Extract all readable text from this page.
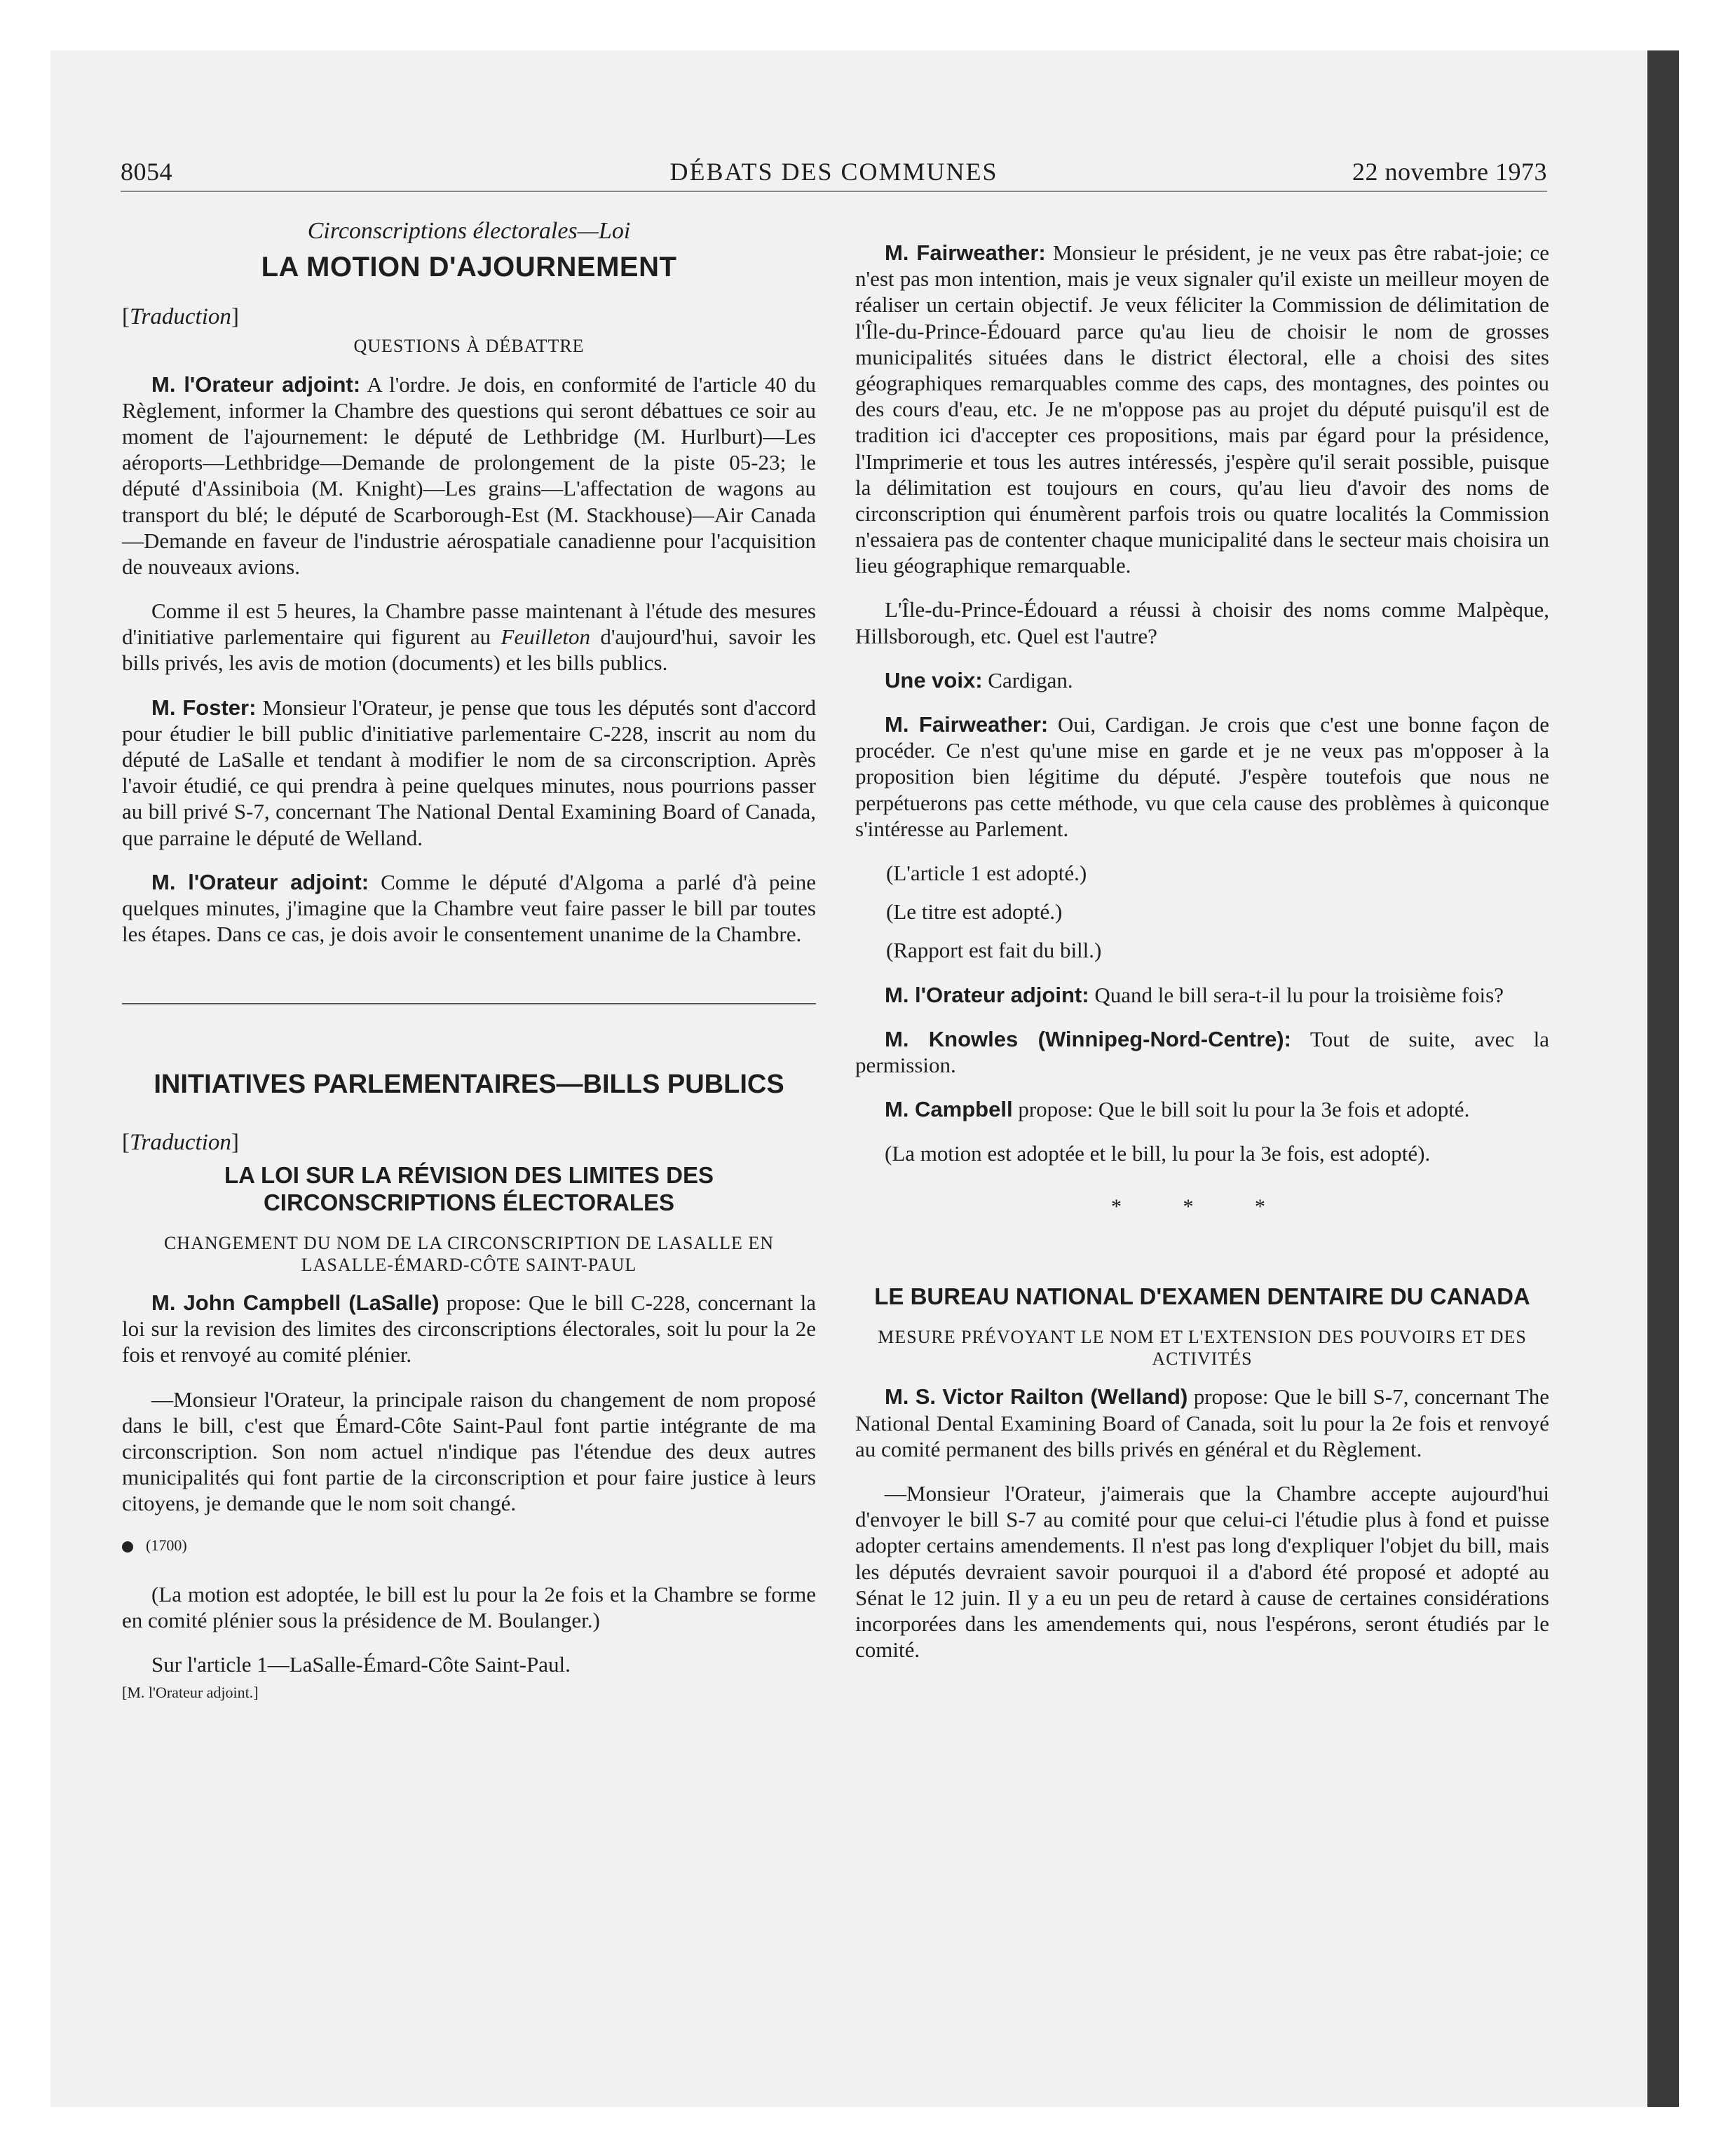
8054	DÉBATS DES COMMUNES	22 novembre 1973
Circonscriptions électorales—Loi
LA MOTION D'AJOURNEMENT
[Traduction]
QUESTIONS À DÉBATTRE
M. l'Orateur adjoint: A l'ordre. Je dois, en conformité de l'article 40 du Règlement, informer la Chambre des questions qui seront débattues ce soir au moment de l'ajournement: le député de Lethbridge (M. Hurlburt)—Les aéroports—Lethbridge—Demande de prolongement de la piste 05-23; le député d'Assiniboia (M. Knight)—Les grains—L'affectation de wagons au transport du blé; le député de Scarborough-Est (M. Stackhouse)—Air Canada—Demande en faveur de l'industrie aérospatiale canadienne pour l'acquisition de nouveaux avions.
Comme il est 5 heures, la Chambre passe maintenant à l'étude des mesures d'initiative parlementaire qui figurent au Feuilleton d'aujourd'hui, savoir les bills privés, les avis de motion (documents) et les bills publics.
M. Foster: Monsieur l'Orateur, je pense que tous les députés sont d'accord pour étudier le bill public d'initiative parlementaire C-228, inscrit au nom du député de LaSalle et tendant à modifier le nom de sa circonscription. Après l'avoir étudié, ce qui prendra à peine quelques minutes, nous pourrions passer au bill privé S-7, concernant The National Dental Examining Board of Canada, que parraine le député de Welland.
M. l'Orateur adjoint: Comme le député d'Algoma a parlé d'à peine quelques minutes, j'imagine que la Chambre veut faire passer le bill par toutes les étapes. Dans ce cas, je dois avoir le consentement unanime de la Chambre.
INITIATIVES PARLEMENTAIRES—BILLS PUBLICS
[Traduction]
LA LOI SUR LA RÉVISION DES LIMITES DES CIRCONSCRIPTIONS ÉLECTORALES
CHANGEMENT DU NOM DE LA CIRCONSCRIPTION DE LASALLE EN LASALLE-ÉMARD-CÔTE SAINT-PAUL
M. John Campbell (LaSalle) propose: Que le bill C-228, concernant la loi sur la revision des limites des circonscriptions électorales, soit lu pour la 2e fois et renvoyé au comité plénier.
—Monsieur l'Orateur, la principale raison du changement de nom proposé dans le bill, c'est que Émard-Côte Saint-Paul font partie intégrante de ma circonscription. Son nom actuel n'indique pas l'étendue des deux autres municipalités qui font partie de la circonscription et pour faire justice à leurs citoyens, je demande que le nom soit changé.
(1700)
(La motion est adoptée, le bill est lu pour la 2e fois et la Chambre se forme en comité plénier sous la présidence de M. Boulanger.)
Sur l'article 1—LaSalle-Émard-Côte Saint-Paul.
[M. l'Orateur adjoint.]
M. Fairweather: Monsieur le président, je ne veux pas être rabat-joie; ce n'est pas mon intention, mais je veux signaler qu'il existe un meilleur moyen de réaliser un certain objectif. Je veux féliciter la Commission de délimitation de l'Île-du-Prince-Édouard parce qu'au lieu de choisir le nom de grosses municipalités situées dans le district électoral, elle a choisi des sites géographiques remarquables comme des caps, des montagnes, des pointes ou des cours d'eau, etc. Je ne m'oppose pas au projet du député puisqu'il est de tradition ici d'accepter ces propositions, mais par égard pour la présidence, l'Imprimerie et tous les autres intéressés, j'espère qu'il serait possible, puisque la délimitation est toujours en cours, qu'au lieu d'avoir des noms de circonscription qui énumèrent parfois trois ou quatre localités la Commission n'essaiera pas de contenter chaque municipalité dans le secteur mais choisira un lieu géographique remarquable.
L'Île-du-Prince-Édouard a réussi à choisir des noms comme Malpèque, Hillsborough, etc. Quel est l'autre?
Une voix: Cardigan.
M. Fairweather: Oui, Cardigan. Je crois que c'est une bonne façon de procéder. Ce n'est qu'une mise en garde et je ne veux pas m'opposer à la proposition bien légitime du député. J'espère toutefois que nous ne perpétuerons pas cette méthode, vu que cela cause des problèmes à quiconque s'intéresse au Parlement.
(L'article 1 est adopté.)
(Le titre est adopté.)
(Rapport est fait du bill.)
M. l'Orateur adjoint: Quand le bill sera-t-il lu pour la troisième fois?
M. Knowles (Winnipeg-Nord-Centre): Tout de suite, avec la permission.
M. Campbell propose: Que le bill soit lu pour la 3e fois et adopté.
(La motion est adoptée et le bill, lu pour la 3e fois, est adopté).
* * *
LE BUREAU NATIONAL D'EXAMEN DENTAIRE DU CANADA
MESURE PRÉVOYANT LE NOM ET L'EXTENSION DES POUVOIRS ET DES ACTIVITÉS
M. S. Victor Railton (Welland) propose: Que le bill S-7, concernant The National Dental Examining Board of Canada, soit lu pour la 2e fois et renvoyé au comité permanent des bills privés en général et du Règlement.
—Monsieur l'Orateur, j'aimerais que la Chambre accepte aujourd'hui d'envoyer le bill S-7 au comité pour que celui-ci l'étudie plus à fond et puisse adopter certains amendements. Il n'est pas long d'expliquer l'objet du bill, mais les députés devraient savoir pourquoi il a d'abord été proposé et adopté au Sénat le 12 juin. Il y a eu un peu de retard à cause de certaines considérations incorporées dans les amendements qui, nous l'espérons, seront étudiés par le comité.
